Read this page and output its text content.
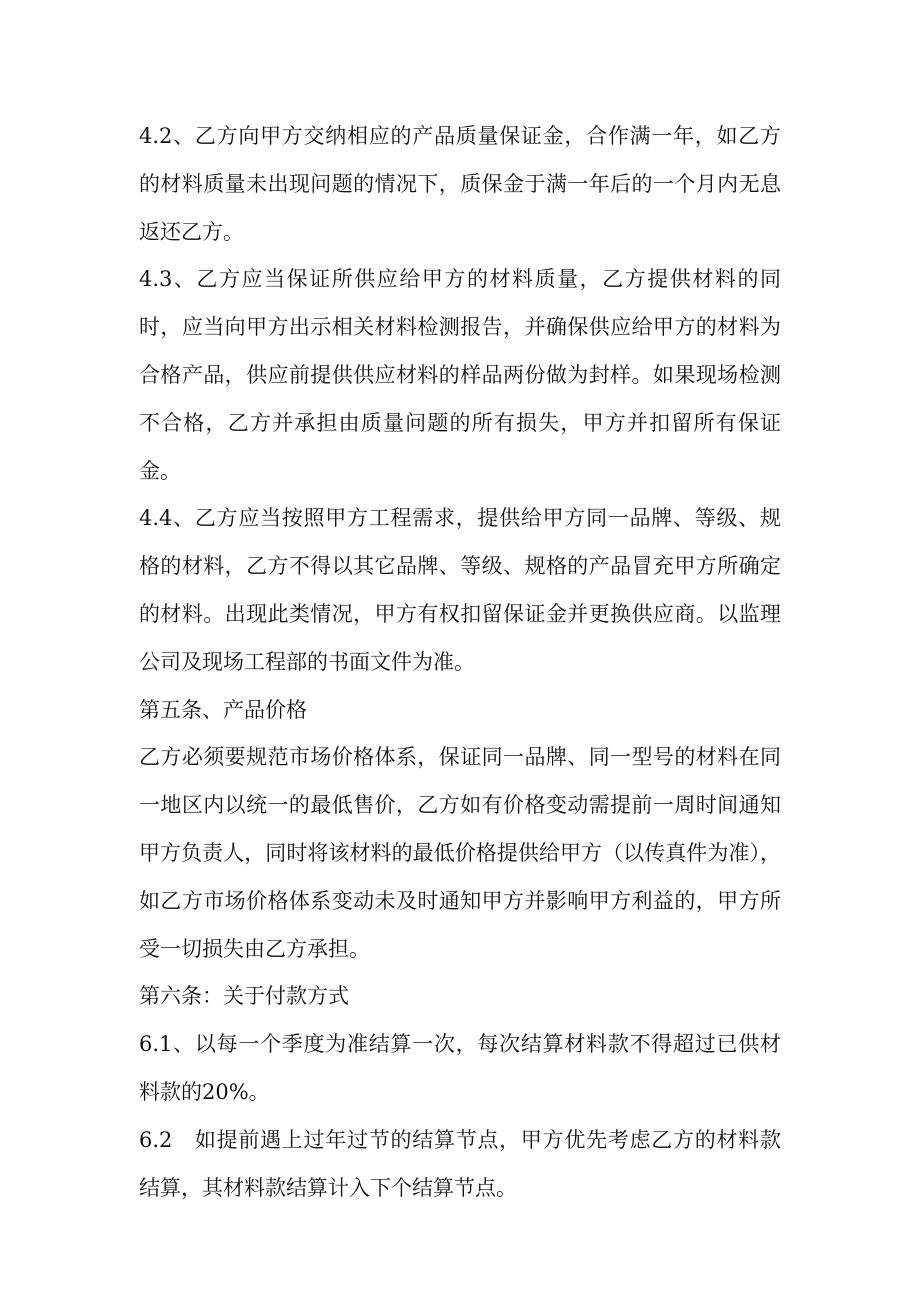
4.2、乙方向甲方交纳相应的产品质量保证金，合作满一年，如乙方的材料质量未出现问题的情况下，质保金于满一年后的一个月内无息返还乙方。

4.3、乙方应当保证所供应给甲方的材料质量，乙方提供材料的同时，应当向甲方出示相关材料检测报告，并确保供应给甲方的材料为合格产品，供应前提供供应材料的样品两份做为封样。如果现场检测不合格，乙方并承担由质量问题的所有损失，甲方并扣留所有保证金。

4.4、乙方应当按照甲方工程需求，提供给甲方同一品牌、等级、规格的材料，乙方不得以其它品牌、等级、规格的产品冒充甲方所确定的材料。出现此类情况，甲方有权扣留保证金并更换供应商。以监理公司及现场工程部的书面文件为准。

第五条、产品价格

乙方必须要规范市场价格体系，保证同一品牌、同一型号的材料在同一地区内以统一的最低售价，乙方如有价格变动需提前一周时间通知甲方负责人，同时将该材料的最低价格提供给甲方（以传真件为准），如乙方市场价格体系变动未及时通知甲方并影响甲方利益的，甲方所受一切损失由乙方承担。

第六条：关于付款方式

6.1、以每一个季度为准结算一次，每次结算材料款不得超过已供材料款的20%。

6.2　如提前遇上过年过节的结算节点，甲方优先考虑乙方的材料款结算，其材料款结算计入下个结算节点。
